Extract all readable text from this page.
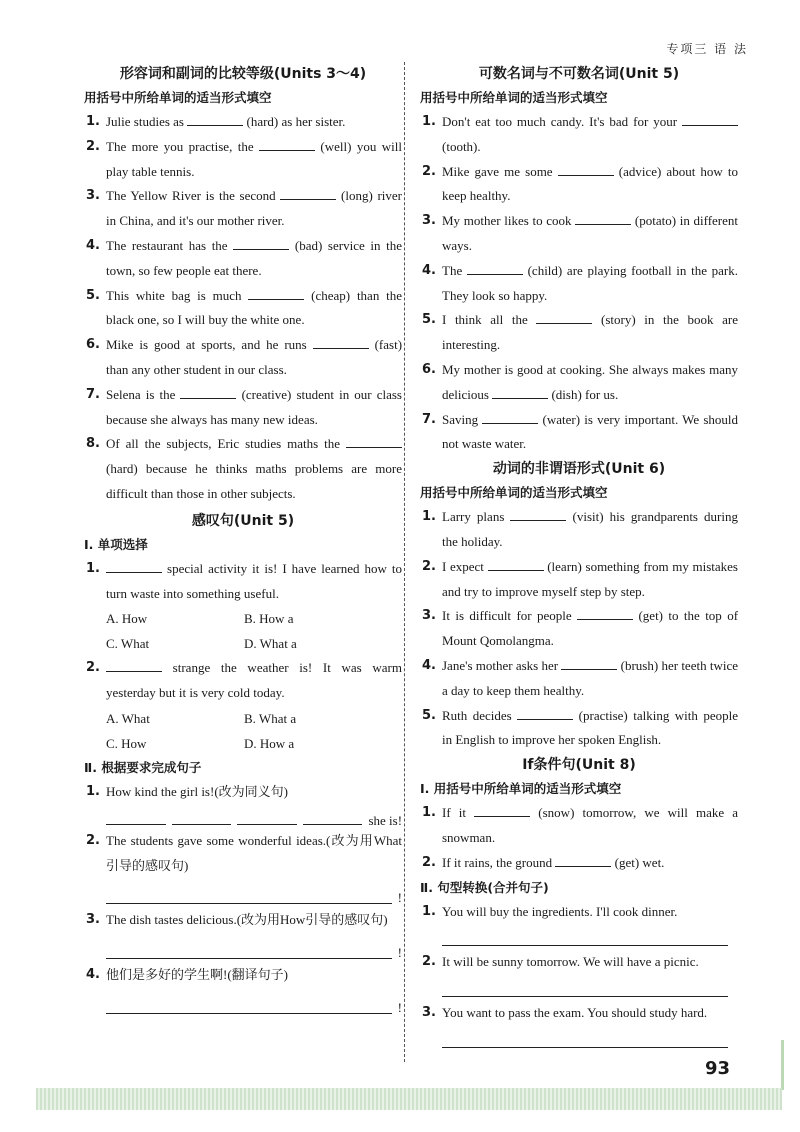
专项三 语 法
形容词和副词的比较等级(Units 3～4)
用括号中所给单词的适当形式填空
1. Julie studies as	(hard) as her sister.
2. The more you practise, the	(well) you will play table tennis.
3. The Yellow River is the second	(long) river in China, and it's our mother river.
4. The restaurant has the	(bad) service in the town, so few people eat there.
5. This white bag is much	(cheap) than the black one, so I will buy the white one.
6. Mike is good at sports, and he runs	(fast) than any other student in our class.
7. Selena is the	(creative) student in our class because she always has many new ideas.
8. Of all the subjects, Eric studies maths the  (hard) because he thinks maths problems are more difficult than those in other subjects.
感叹句(Unit 5)
Ⅰ. 单项选择
1.	special activity it is! I have learned how to turn waste into something useful.
A. How	B. How a
C. What	D. What a
2.	strange the weather is! It was warm yesterday but it is very cold today.
A. What	B. What a
C. How	D. How a
Ⅱ. 根据要求完成句子
1. How kind the girl is!(改为同义句)
she is!
2. The students gave some wonderful ideas.(改为用What引导的感叹句)
!
3. The dish tastes delicious.(改为用How引导的感叹句)
!
4. 他们是多好的学生啊!(翻译句子)
!
可数名词与不可数名词(Unit 5)
用括号中所给单词的适当形式填空
1. Don't eat too much candy. It's bad for your  (tooth).
2. Mike gave me some	(advice) about how to keep healthy.
3. My mother likes to cook	(potato) in different ways.
4. The	(child) are playing football in the park. They look so happy.
5. I think all the	(story) in the book are interesting.
6. My mother is good at cooking. She always makes many delicious	(dish) for us.
7. Saving	(water) is very important. We should not waste water.
动词的非谓语形式(Unit 6)
用括号中所给单词的适当形式填空
1. Larry plans	(visit) his grandparents during the holiday.
2. I expect	(learn) something from my mistakes and try to improve myself step by step.
3. It is difficult for people	(get) to the top of Mount Qomolangma.
4. Jane's mother asks her	(brush) her teeth twice a day to keep them healthy.
5. Ruth decides	(practise) talking with people in English to improve her spoken English.
If条件句(Unit 8)
Ⅰ. 用括号中所给单词的适当形式填空
1. If it	(snow) tomorrow, we will make a snowman.
2. If it rains, the ground	(get) wet.
Ⅱ. 句型转换(合并句子)
1. You will buy the ingredients. I'll cook dinner.
2. It will be sunny tomorrow. We will have a picnic.
3. You want to pass the exam. You should study hard.
93
